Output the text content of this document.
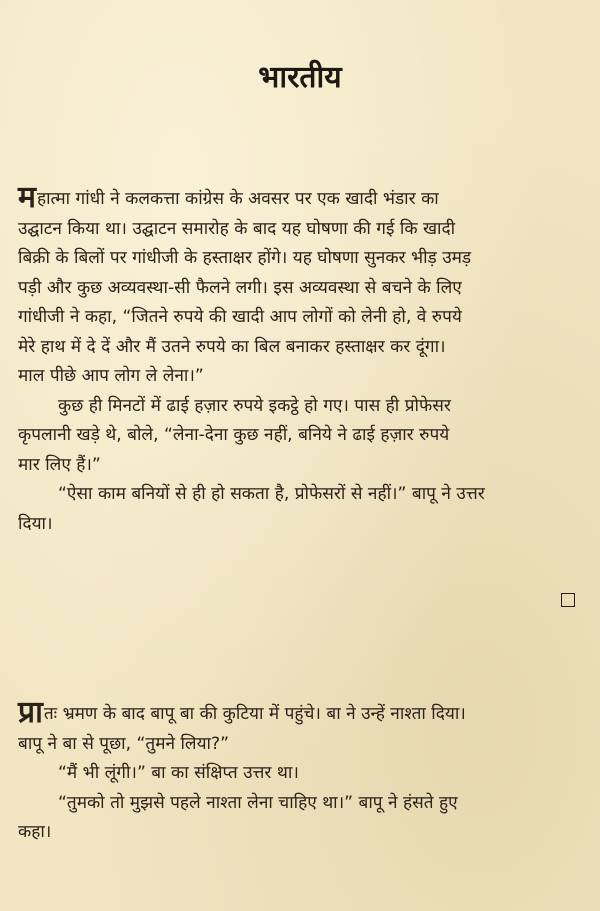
भारतीय
महात्मा गांधी ने कलकत्ता कांग्रेस के अवसर पर एक खादी भंडार का
उद्घाटन किया था। उद्घाटन समारोह के बाद यह घोषणा की गई कि खादी
बिक्री के बिलों पर गांधीजी के हस्ताक्षर होंगे। यह घोषणा सुनकर भीड़ उमड़
पड़ी और कुछ अव्यवस्था-सी फैलने लगी। इस अव्यवस्था से बचने के लिए
गांधीजी ने कहा, “जितने रुपये की खादी आप लोगों को लेनी हो, वे रुपये
मेरे हाथ में दे दें और मैं उतने रुपये का बिल बनाकर हस्ताक्षर कर दूंगा।
माल पीछे आप लोग ले लेना।”
कुछ ही मिनटों में ढाई हज़ार रुपये इकट्ठे हो गए। पास ही प्रोफेसर
कृपलानी खड़े थे, बोले, “लेना-देना कुछ नहीं, बनिये ने ढाई हज़ार रुपये
मार लिए हैं।”
“ऐसा काम बनियों से ही हो सकता है, प्रोफेसरों से नहीं।” बापू ने उत्तर
दिया।
प्रातः भ्रमण के बाद बापू बा की कुटिया में पहुंचे। बा ने उन्हें नाश्ता दिया।
बापू ने बा से पूछा, “तुमने लिया?”
“मैं भी लूंगी।” बा का संक्षिप्त उत्तर था।
“तुमको तो मुझसे पहले नाश्ता लेना चाहिए था।” बापू ने हंसते हुए
कहा।
